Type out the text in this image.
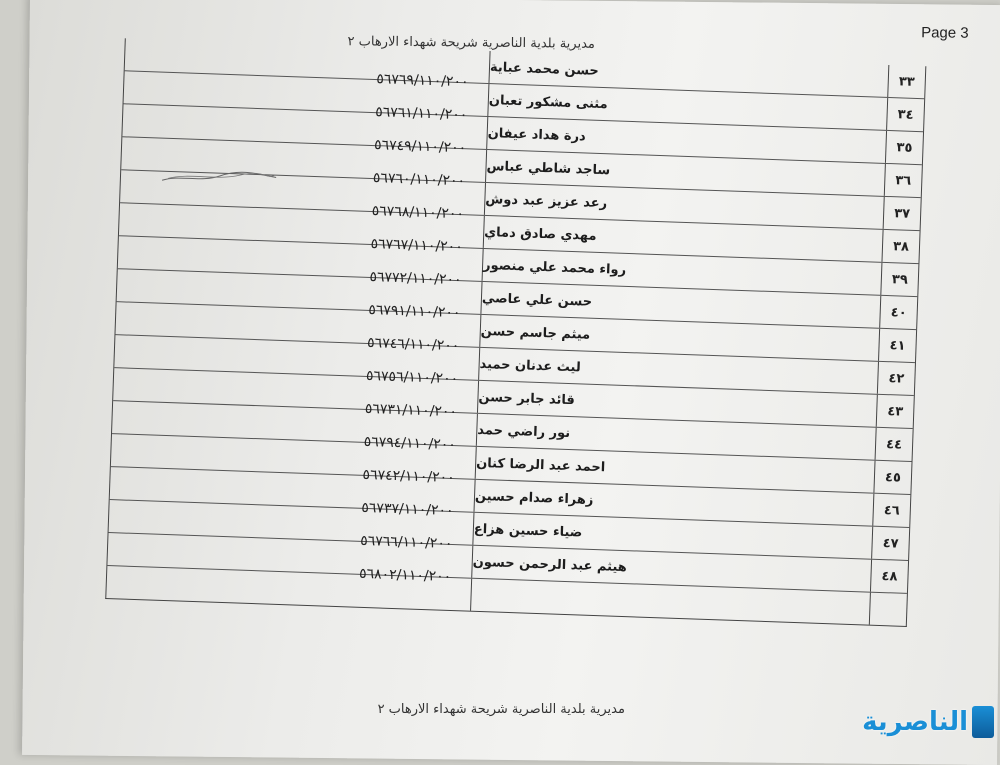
Page 3
مديرية بلدية الناصرية شريحة شهداء الارهاب ٢
٣٣
حسن محمد عباية
٥٦٧٦٩/١١٠/٢٠٠
٣٤
مثنى مشكور تعبان
٥٦٧٦١/١١٠/٢٠٠
٣٥
درة هداد عيفان
٥٦٧٤٩/١١٠/٢٠٠
٣٦
ساجد شاطي عباس
٥٦٧٦٠/١١٠/٢٠٠
٣٧
رعد عزيز عبد دوش
٥٦٧٦٨/١١٠/٢٠٠
٣٨
مهدي صادق دماي
٥٦٧٦٧/١١٠/٢٠٠
٣٩
رواء محمد علي منصور
٥٦٧٧٢/١١٠/٢٠٠
٤٠
حسن علي عاصي
٥٦٧٩١/١١٠/٢٠٠
٤١
ميثم جاسم حسن
٥٦٧٤٦/١١٠/٢٠٠
٤٢
ليث عدنان حميد
٥٦٧٥٦/١١٠/٢٠٠
٤٣
قائد جابر حسن
٥٦٧٣١/١١٠/٢٠٠
٤٤
نور راضي حمد
٥٦٧٩٤/١١٠/٢٠٠
٤٥
احمد عبد الرضا كنان
٥٦٧٤٢/١١٠/٢٠٠
٤٦
زهراء صدام حسين
٥٦٧٣٧/١١٠/٢٠٠
٤٧
ضياء حسين هزاع
٥٦٧٦٦/١١٠/٢٠٠
٤٨
هيثم عبد الرحمن حسون
٥٦٨٠٢/١١٠/٢٠٠
مديرية بلدية الناصرية شريحة شهداء الارهاب ٢	الناصرية
